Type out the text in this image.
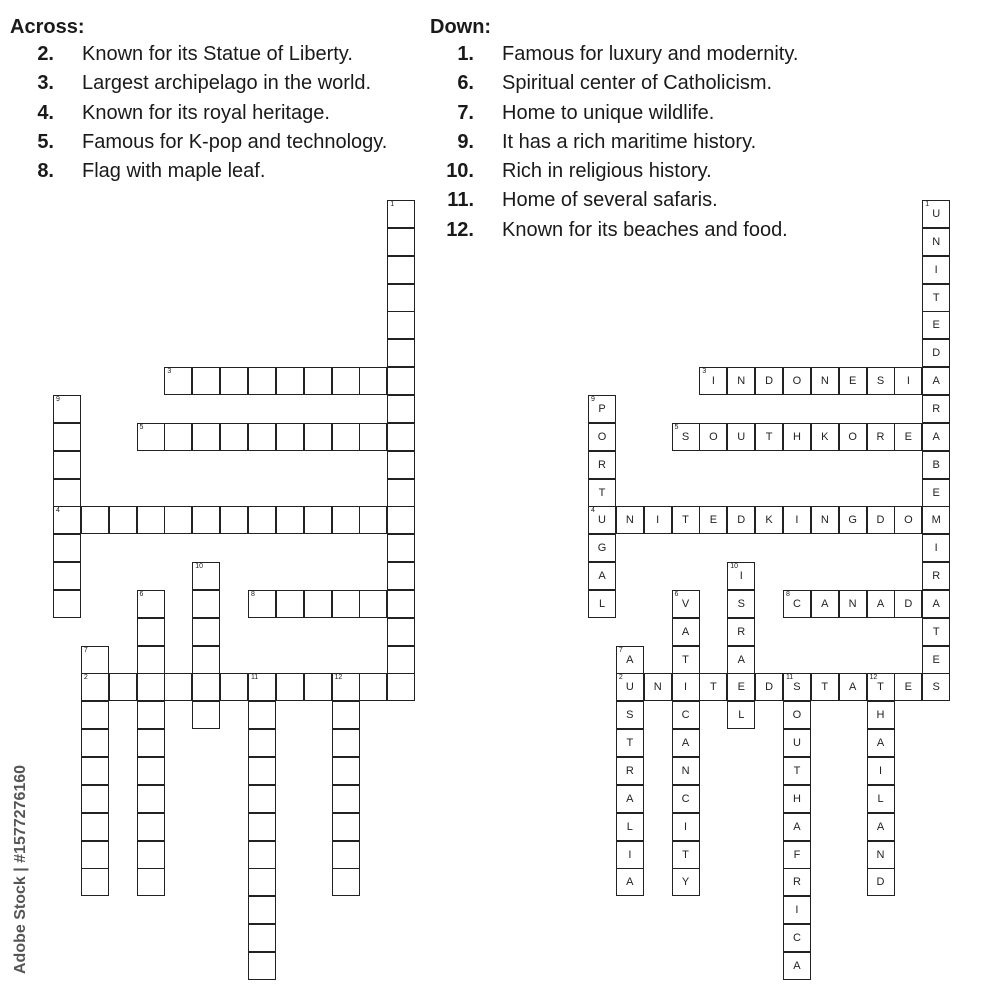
Across:
2. Known for its Statue of Liberty.
3. Largest archipelago in the world.
4. Known for its royal heritage.
5. Famous for K-pop and technology.
8. Flag with maple leaf.
Down:
1. Famous for luxury and modernity.
6. Spiritual center of Catholicism.
7. Home to unique wildlife.
9. It has a rich maritime history.
10. Rich in religious history.
11. Home of several safaris.
12. Known for its beaches and food.
1
3
9
4
5
10
6	8
7
2	11	12
1
U
N
I
T
E
D
A
R
A
B
E
M
I
R
A
T
E
S
3
I	N	D	O	N	E	S	I
9
P
O
R
T
4
U
G
A
L
5
S	O	U	T	H	K	O	R	E
N	I	T	E	D	K	I	N	G	D	O
10
I
S
R
A
E
L
6
V
A
T
I
C
A
N
C
I
T
Y
8
C	A	N	A	D
7
A
2
U
S
T
R
A
L
I
A
N	T	D
11
S	T	A
12
T	E
O
U
T
H
A
F
R
I
C
A
H
A
I
L
A
N
D
Adobe Stock | #1577276160
